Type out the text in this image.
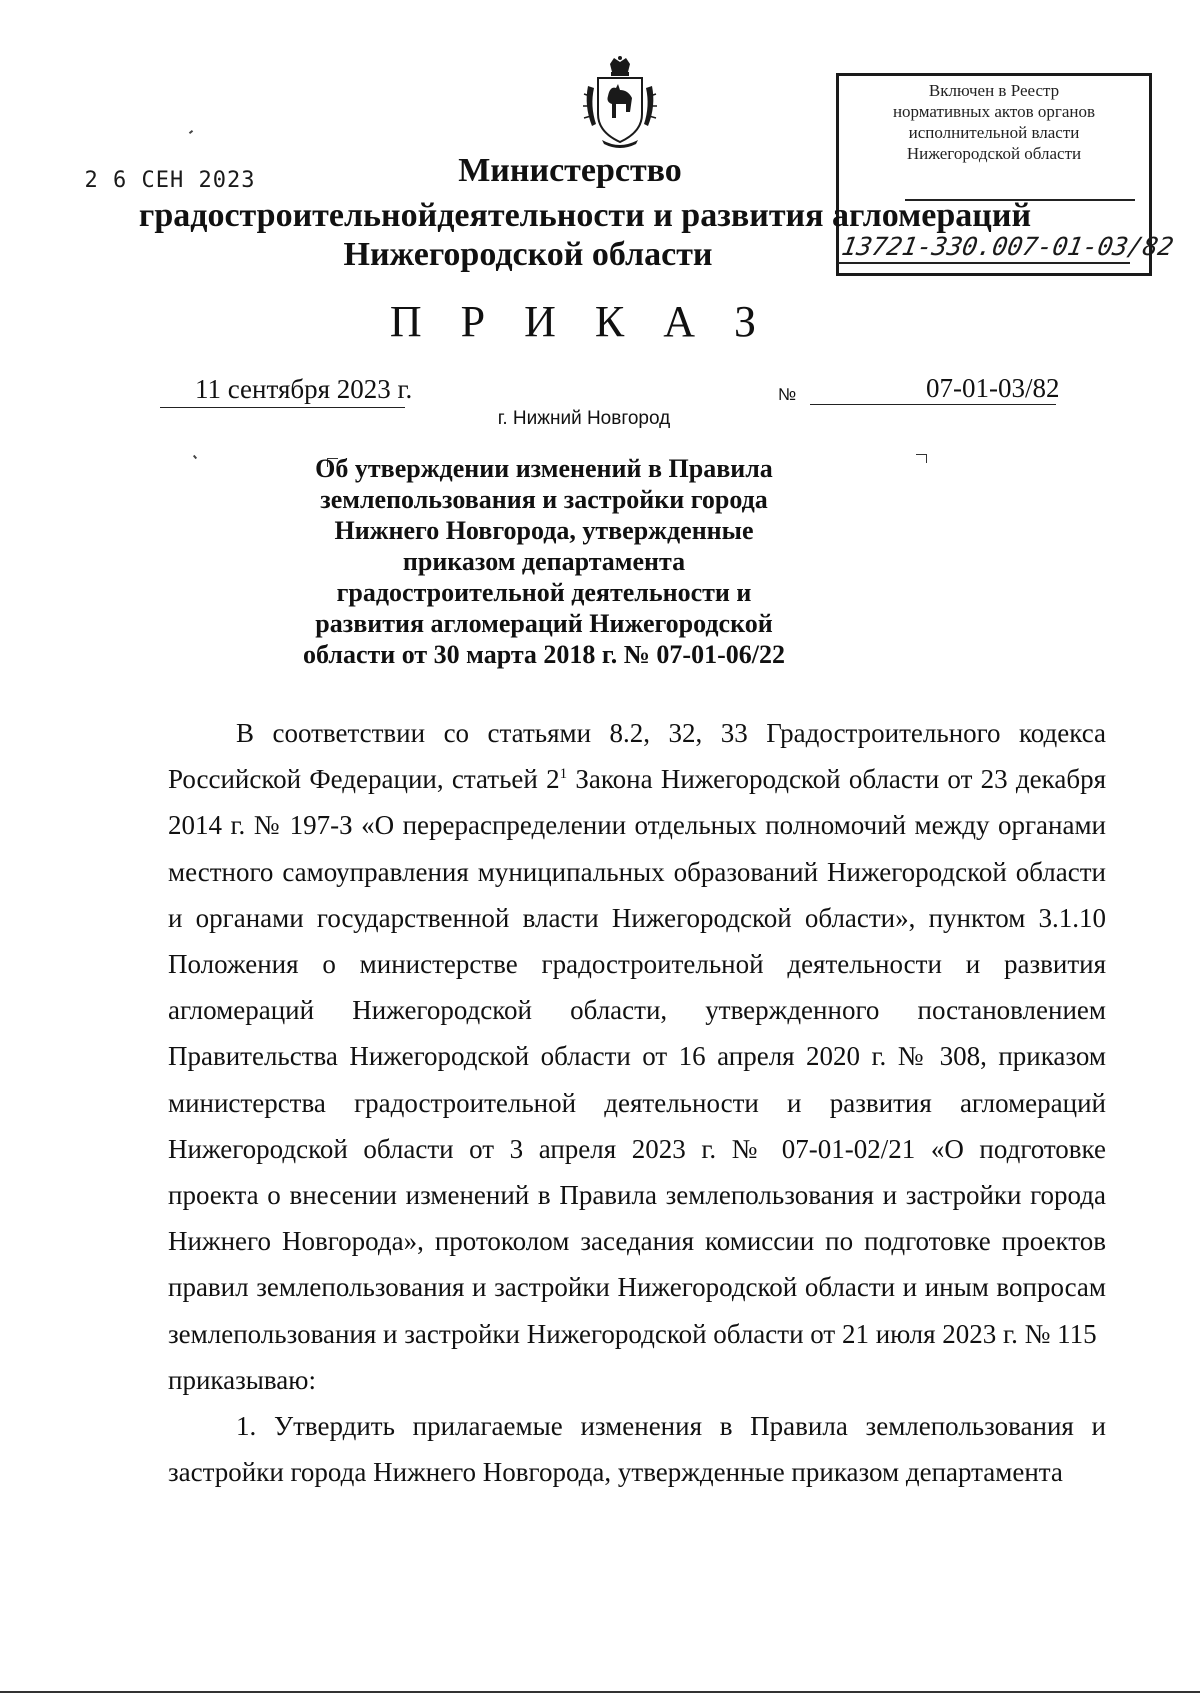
Включен в Реестр
нормативных актов органов
исполнительной власти
Нижегородской области
2 6 СЕН 2023
13721-330.007-01-03/82
Министерство
градостроительнойдеятельности и развития агломераций
Нижегородской области
П Р И К А З
11 сентября 2023 г.	№	07-01-03/82
г. Нижний Новгород
Об утверждении изменений в Правила землепользования и застройки города Нижнего Новгорода, утвержденные приказом департамента градостроительной деятельности и развития агломераций Нижегородской области от 30 марта 2018 г. № 07-01-06/22

В соответствии со статьями 8.2, 32, 33 Градостроительного кодекса Российской Федерации, статьей $2^1$ Закона Нижегородской области от 23 декабря 2014 г. № 197-З «О перераспределении отдельных полномочий между органами местного самоуправления муниципальных образований Нижегородской области и органами государственной власти Нижегородской области», пунктом 3.1.10 Положения о министерстве градостроительной деятельности и развития агломераций Нижегородской области, утвержденного постановлением Правительства Нижегородской области от 16 апреля 2020 г. № 308, приказом министерства градостроительной деятельности и развития агломераций Нижегородской области от 3 апреля 2023 г. № 07-01-02/21 «О подготовке проекта о внесении изменений в Правила землепользования и застройки города Нижнего Новгорода», протоколом заседания комиссии по подготовке проектов правил землепользования и застройки Нижегородской области и иным вопросам землепользования и застройки Нижегородской области от 21 июля 2023 г. № 115

приказываю:

1. Утвердить прилагаемые изменения в Правила землепользования и застройки города Нижнего Новгорода, утвержденные приказом департамента
